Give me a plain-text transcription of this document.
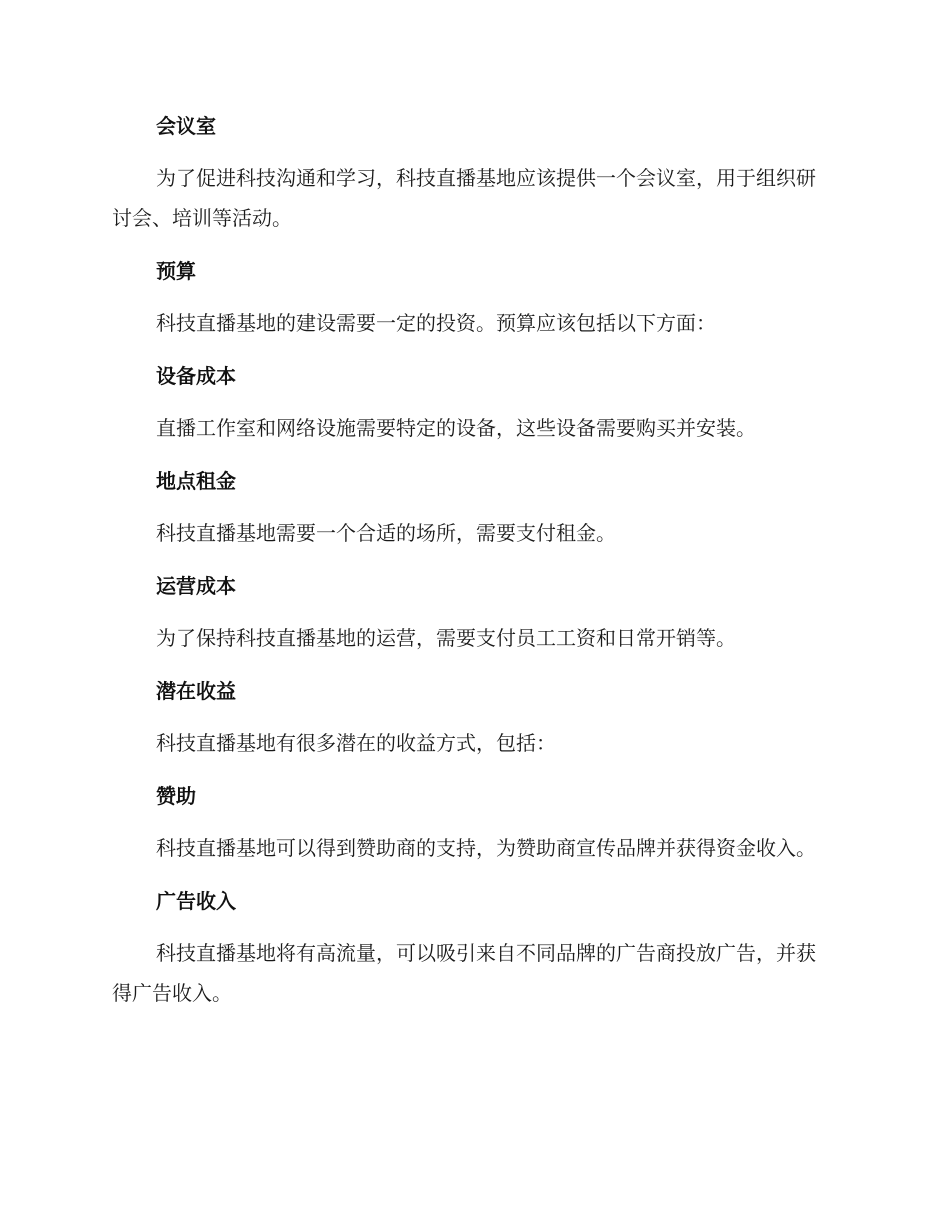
会议室

为了促进科技沟通和学习，科技直播基地应该提供一个会议室，用于组织研讨会、培训等活动。

预算

科技直播基地的建设需要一定的投资。预算应该包括以下方面：

设备成本

直播工作室和网络设施需要特定的设备，这些设备需要购买并安装。

地点租金

科技直播基地需要一个合适的场所，需要支付租金。

运营成本

为了保持科技直播基地的运营，需要支付员工工资和日常开销等。

潜在收益

科技直播基地有很多潜在的收益方式，包括：

赞助

科技直播基地可以得到赞助商的支持，为赞助商宣传品牌并获得资金收入。

广告收入

科技直播基地将有高流量，可以吸引来自不同品牌的广告商投放广告，并获得广告收入。
